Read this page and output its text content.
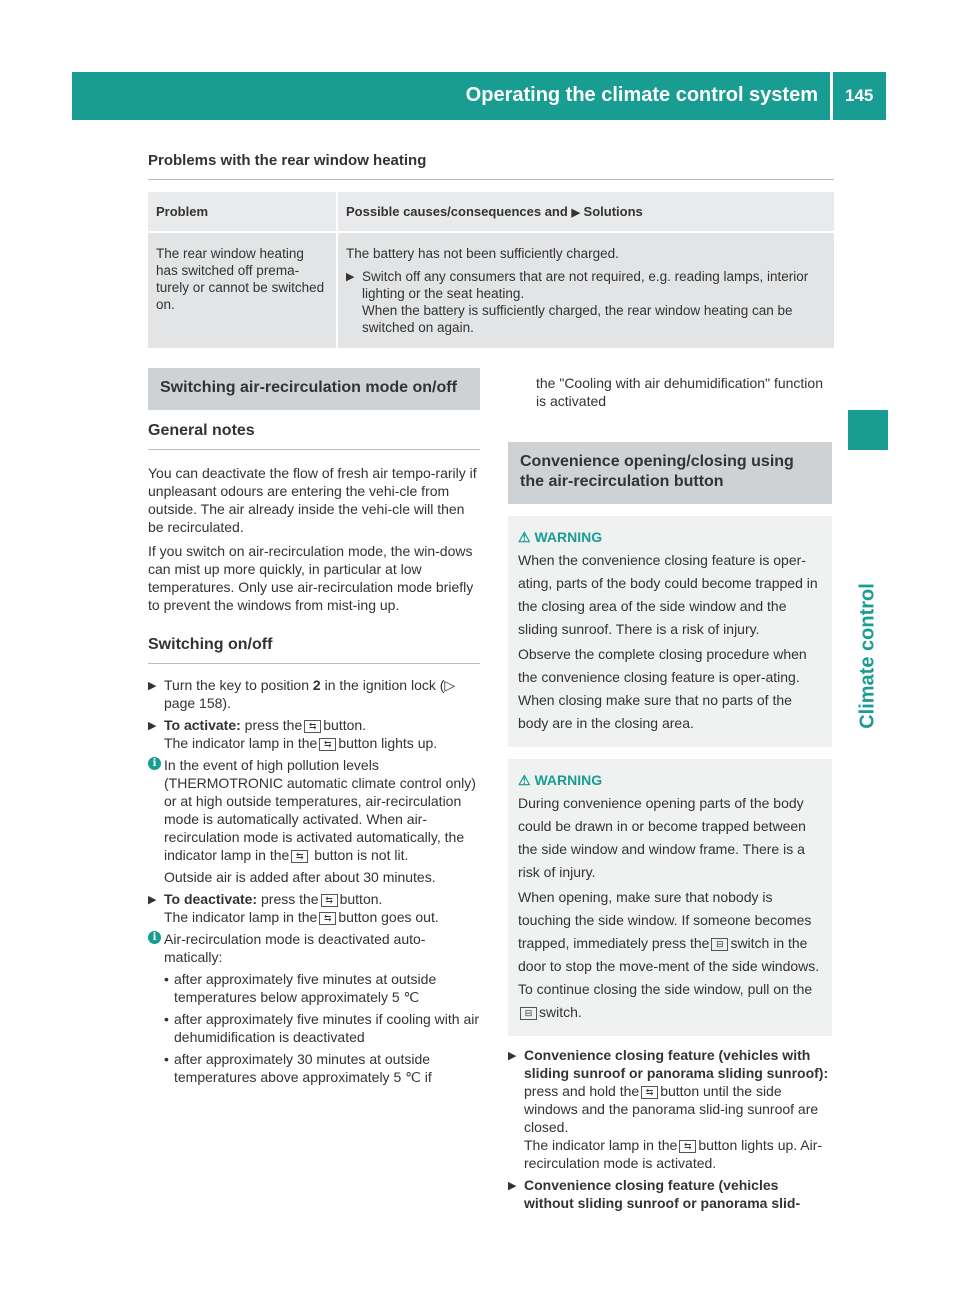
Operating the climate control system 145
Climate control
Problems with the rear window heating
Problem	Possible causes/consequences and ▶ Solutions
The rear window heating has switched off prema-turely or cannot be switched on.	The battery has not been sufficiently charged.

▶ Switch off any consumers that are not required, e.g. reading lamps, interior lighting or the seat heating.

When the battery is sufficiently charged, the rear window heating can be switched on again.

Switching air-recirculation mode on/off
General notes

You can deactivate the flow of fresh air tempo-rarily if unpleasant odours are entering the vehi-cle from outside. The air already inside the vehi-cle will then be recirculated.

If you switch on air-recirculation mode, the win-dows can mist up more quickly, in particular at low temperatures. Only use air-recirculation mode briefly to prevent the windows from mist-ing up.

Switching on/off
▶ Turn the key to position 2 in the ignition lock (▷ page 158).
▶ To activate: press the ⇆ button.
The indicator lamp in the ⇆ button lights up.
i In the event of high pollution levels (THERMOTRONIC automatic climate control only) or at high outside temperatures, air-recirculation mode is automatically activated. When air-recirculation mode is activated automatically, the indicator lamp in the ⇆ button is not lit.

Outside air is added after about 30 minutes.

▶ To deactivate: press the ⇆ button.
The indicator lamp in the ⇆ button goes out.
i Air-recirculation mode is deactivated auto-matically:
• after approximately five minutes at outside temperatures below approximately 5 ℃
• after approximately five minutes if cooling with air dehumidification is deactivated
• after approximately 30 minutes at outside temperatures above approximately 5 ℃ if

the "Cooling with air dehumidification" function is activated

Convenience opening/closing using the air-recirculation button
⚠ WARNING

When the convenience closing feature is oper-ating, parts of the body could become trapped in the closing area of the side window and the sliding sunroof. There is a risk of injury.

Observe the complete closing procedure when the convenience closing feature is oper-ating. When closing make sure that no parts of the body are in the closing area.

⚠ WARNING

During convenience opening parts of the body could be drawn in or become trapped between the side window and window frame. There is a risk of injury.

When opening, make sure that nobody is touching the side window. If someone becomes trapped, immediately press the ⊟ switch in the door to stop the move-ment of the side windows. To continue closing the side window, pull on the⊟ switch.

▶ Convenience closing feature (vehicles with sliding sunroof or panorama sliding sunroof): press and hold the ⇆ button until the side windows and the panorama slid-ing sunroof are closed.
The indicator lamp in the ⇆ button lights up. Air-recirculation mode is activated.
▶ Convenience closing feature (vehicles without sliding sunroof or panorama slid-
